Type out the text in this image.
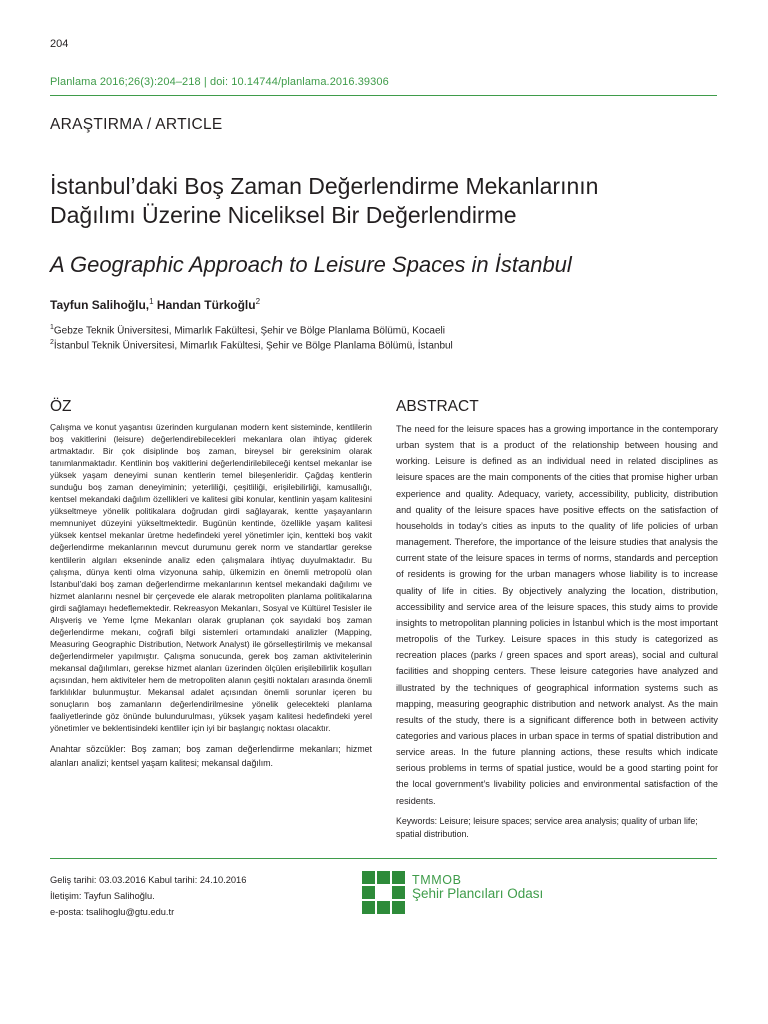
204
Planlama 2016;26(3):204–218 | doi: 10.14744/planlama.2016.39306
ARAŞTIRMA / ARTICLE
İstanbul’daki Boş Zaman Değerlendirme Mekanlarının
Dağılımı Üzerine Niceliksel Bir Değerlendirme
A Geographic Approach to Leisure Spaces in İstanbul
Tayfun Salihoğlu,$^1$ Handan Türkoğlu$^2$
$^1$Gebze Teknik Üniversitesi, Mimarlık Fakültesi, Şehir ve Bölge Planlama Bölümü, Kocaeli
$^2$İstanbul Teknik Üniversitesi, Mimarlık Fakültesi, Şehir ve Bölge Planlama Bölümü, İstanbul
ÖZ

Çalışma ve konut yaşantısı üzerinden kurgulanan modern kent sisteminde, kentlilerin boş vakitlerini (leisure) değerlendirebilecekleri mekanlara olan ihtiyaç giderek artmaktadır. Bir çok disiplinde boş zaman, bireysel bir gereksinim olarak tanımlanmaktadır. Kentlinin boş vakitlerini değerlendirilebileceği kentsel mekanlar ise yüksek yaşam deneyimi sunan kentlerin temel bileşenleridir. Çağdaş kentlerin sunduğu boş zaman deneyiminin; yeterliliği, çeşitliliği, erişilebilirliği, kamusallığı, kentsel mekandaki dağılım özellikleri ve kalitesi gibi konular, kentlinin yaşam kalitesini yükseltmeye yönelik politikalara doğrudan girdi sağlayarak, kentte yaşayanların memnuniyet düzeyini yükseltmektedir. Bugünün kentinde, özellikle yaşam kalitesi yüksek kentsel mekanlar üretme hedefindeki yerel yönetimler için, kentteki boş vakit değerlendirme mekanlarının mevcut durumunu gerek norm ve standartlar gerekse kentlilerin algıları ekseninde analiz eden çalışmalara ihtiyaç duyulmaktadır. Bu çalışma, dünya kenti olma vizyonuna sahip, ülkemizin en önemli metropolü olan İstanbul’daki boş zaman değerlendirme mekanlarının kentsel mekandaki dağılımı ve hizmet alanlarını nesnel bir çerçevede ele alarak metropoliten planlama politikalarına girdi sağlamayı hedeflemektedir. Rekreasyon Mekanları, Sosyal ve Kültürel Tesisler ile Alışveriş ve Yeme İçme Mekanları olarak gruplanan çok sayıdaki boş zaman değerlendirme mekanı, coğrafi bilgi sistemleri ortamındaki analizler (Mapping, Measuring Geographic Distribution, Network Analyst) ile görselleştirilmiş ve mekansal değerlendirmeler yapılmıştır. Çalışma sonucunda, gerek boş zaman aktivitelerinin mekansal dağılımları, gerekse hizmet alanları üzerinden ölçülen erişilebilirlik koşulları açısından, hem aktiviteler hem de metropoliten alanın çeşitli noktaları arasında önemli farklılıklar bulunmuştur. Mekansal adalet açısından önemli sorunlar içeren bu sonuçların boş zamanların değerlendirilmesine yönelik gelecekteki planlama faaliyetlerinde göz önünde bulundurulması, yüksek yaşam kalitesi hedefindeki yerel yönetimler ve beklentisindeki kentliler için iyi bir başlangıç noktası olacaktır.

Anahtar sözcükler: Boş zaman; boş zaman değerlendirme mekanları; hizmet alanları analizi; kentsel yaşam kalitesi; mekansal dağılım.

ABSTRACT

The need for the leisure spaces has a growing importance in the contemporary urban system that is a product of the relationship between housing and working. Leisure is defined as an individual need in related disciplines as leisure spaces are the main components of the cities that promise higher urban experience and quality. Adequacy, variety, accessibility, publicity, distribution and quality of the leisure spaces have positive effects on the satisfaction of households in today’s cities as inputs to the quality of life policies of urban management. Therefore, the importance of the leisure studies that analysis the current state of the leisure spaces in terms of norms, standards and perception of residents is growing for the urban managers whose liability is to increase quality of life in cities. By objectively analyzing the location, distribution, accessibility and service area of the leisure spaces, this study aims to provide insights to metropolitan planning policies in İstanbul which is the most important metropolis of the Turkey. Leisure spaces in this study is categorized as recreation places (parks / green spaces and sport areas), social and cultural facilities and shopping centers. These leisure categories have analyzed and illustrated by the techniques of geographical information systems such as mapping, measuring geographic distribution and network analyst. As the main results of the study, there is a significant difference both in between activity categories and various places in urban space in terms of spatial distribution and service areas. In the future planning actions, these results which indicate serious problems in terms of spatial justice, would be a good starting point for the local government’s livability policies and environmental satisfaction of the residents.

Keywords: Leisure; leisure spaces; service area analysis; quality of urban life; spatial distribution.

Geliş tarihi: 03.03.2016 Kabul tarihi: 24.10.2016
İletişim: Tayfun Salihoğlu.
e-posta: tsalihoglu@gtu.edu.tr
TMMOB
Şehir Plancıları Odası
